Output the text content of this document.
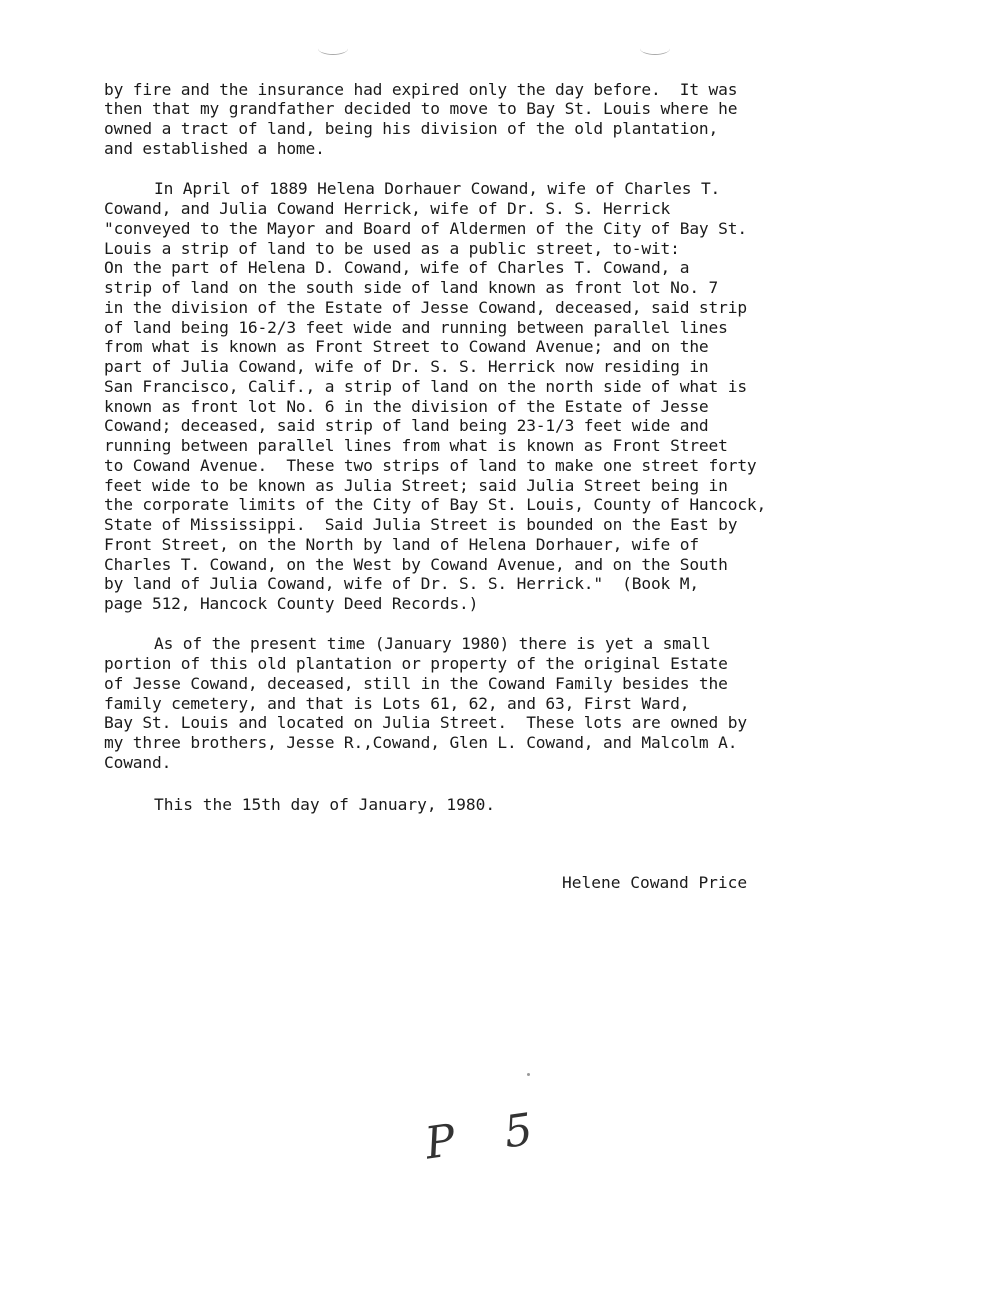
by fire and the insurance had expired only the day before.  It was
then that my grandfather decided to move to Bay St. Louis where he
owned a tract of land, being his division of the old plantation,
and established a home.
In April of 1889 Helena Dorhauer Cowand, wife of Charles T.
Cowand, and Julia Cowand Herrick, wife of Dr. S. S. Herrick
"conveyed to the Mayor and Board of Aldermen of the City of Bay St.
Louis a strip of land to be used as a public street, to-wit:
On the part of Helena D. Cowand, wife of Charles T. Cowand, a
strip of land on the south side of land known as front lot No. 7
in the division of the Estate of Jesse Cowand, deceased, said strip
of land being 16-2/3 feet wide and running between parallel lines
from what is known as Front Street to Cowand Avenue; and on the
part of Julia Cowand, wife of Dr. S. S. Herrick now residing in
San Francisco, Calif., a strip of land on the north side of what is
known as front lot No. 6 in the division of the Estate of Jesse
Cowand; deceased, said strip of land being 23-1/3 feet wide and
running between parallel lines from what is known as Front Street
to Cowand Avenue.  These two strips of land to make one street forty
feet wide to be known as Julia Street; said Julia Street being in
the corporate limits of the City of Bay St. Louis, County of Hancock,
State of Mississippi.  Said Julia Street is bounded on the East by
Front Street, on the North by land of Helena Dorhauer, wife of
Charles T. Cowand, on the West by Cowand Avenue, and on the South
by land of Julia Cowand, wife of Dr. S. S. Herrick."  (Book M,
page 512, Hancock County Deed Records.)
As of the present time (January 1980) there is yet a small
portion of this old plantation or property of the original Estate
of Jesse Cowand, deceased, still in the Cowand Family besides the
family cemetery, and that is Lots 61, 62, and 63, First Ward,
Bay St. Louis and located on Julia Street.  These lots are owned by
my three brothers, Jesse R.,Cowand, Glen L. Cowand, and Malcolm A.
Cowand.
This the 15th day of January, 1980.
Helene Cowand Price
P 5
